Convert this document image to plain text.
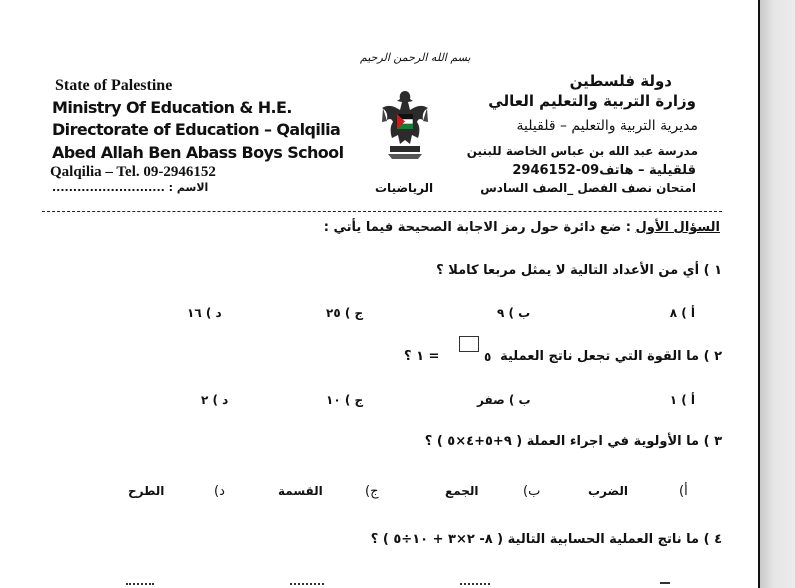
بسم الله الرحمن الرحيم
State of Palestine
Ministry Of Education & H.E.
Directorate of Education – Qalqilia
Abed Allah Ben Abass Boys School
Qalqilia – Tel. 09-2946152
دولة فلسطين
وزارة التربية والتعليم العالي
مديرية التربية والتعليم – قلقيلية
مدرسة عبد الله بن عباس الخاصة للبنين
قلقيلية – هاتف09-2946152
امتحان نصف الفصل _الصف السادس
الرياضيات
الاسم : ...........................
السؤال الأول : ضع دائرة حول رمز الاجابة الصحيحة فيما يأتي :
١ ) أي من الأعداد التالية لا يمثل مربعا كاملا ؟
أ ) ٨
ب ) ٩
ج ) ٢٥
د ) ١٦
٢ ) ما القوة التي تجعل ناتج العملية
٥
= ١ ؟
أ ) ١
ب ) صفر
ج ) ١٠
د ) ٢
٣ ) ما الأولوية في اجراء العملة ( ٩+٥+٤×٥ ) ؟
أ)
الضرب
ب)
الجمع
ج)
القسمة
د)
الطرح
٤ ) ما ناتج العملية الحسابية التالية ( ٨- ٢×٣ + ١٠÷٥ ) ؟
